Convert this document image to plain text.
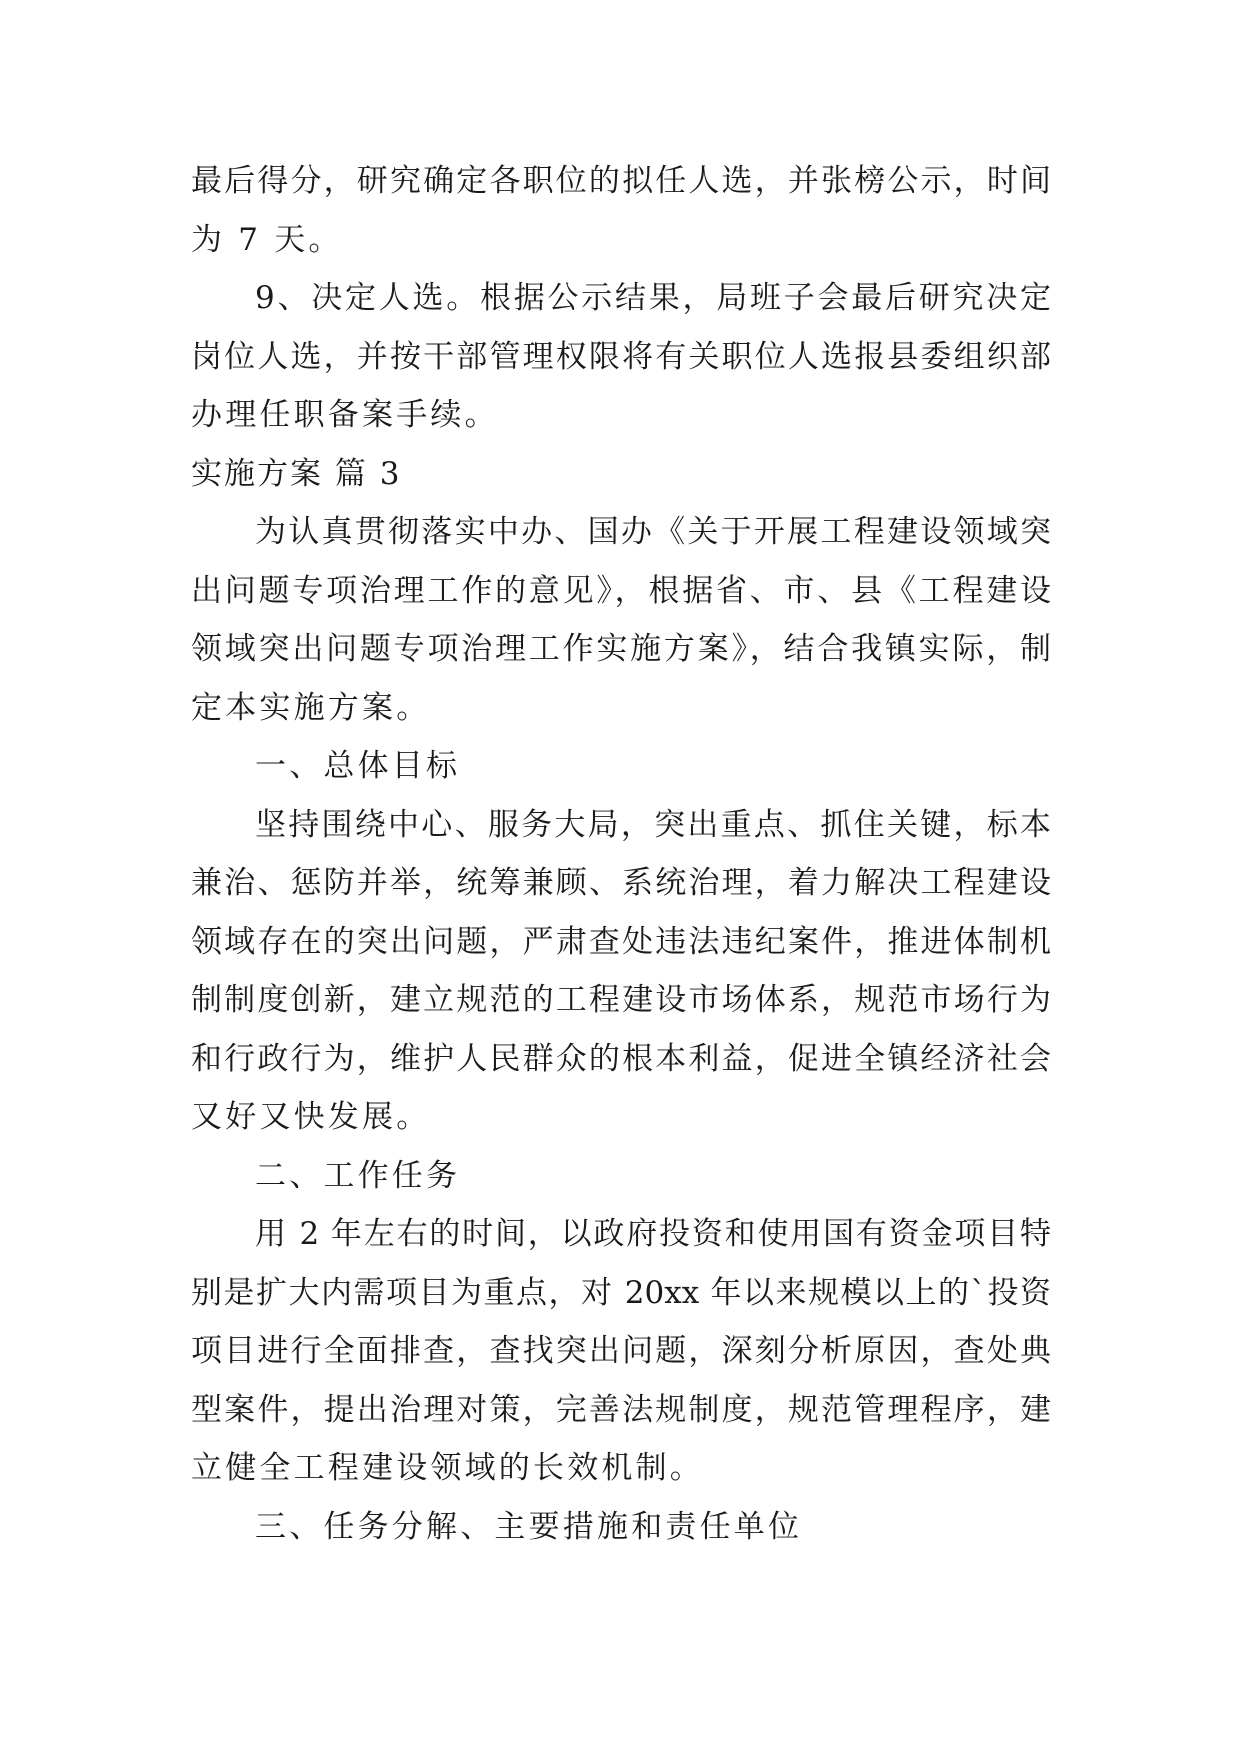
最后得分，研究确定各职位的拟任人选，并张榜公示，时间
为 7 天。
9、决定人选。根据公示结果，局班子会最后研究决定
岗位人选，并按干部管理权限将有关职位人选报县委组织部
办理任职备案手续。
实施方案 篇 3
为认真贯彻落实中办、国办《关于开展工程建设领域突
出问题专项治理工作的意见》，根据省、市、县《工程建设
领域突出问题专项治理工作实施方案》，结合我镇实际，制
定本实施方案。
一、总体目标
坚持围绕中心、服务大局，突出重点、抓住关键，标本
兼治、惩防并举，统筹兼顾、系统治理，着力解决工程建设
领域存在的突出问题，严肃查处违法违纪案件，推进体制机
制制度创新，建立规范的工程建设市场体系，规范市场行为
和行政行为，维护人民群众的根本利益，促进全镇经济社会
又好又快发展。
二、工作任务
用 2 年左右的时间，以政府投资和使用国有资金项目特
别是扩大内需项目为重点，对 20xx 年以来规模以上的`投资
项目进行全面排查，查找突出问题，深刻分析原因，查处典
型案件，提出治理对策，完善法规制度，规范管理程序，建
立健全工程建设领域的长效机制。
三、任务分解、主要措施和责任单位
